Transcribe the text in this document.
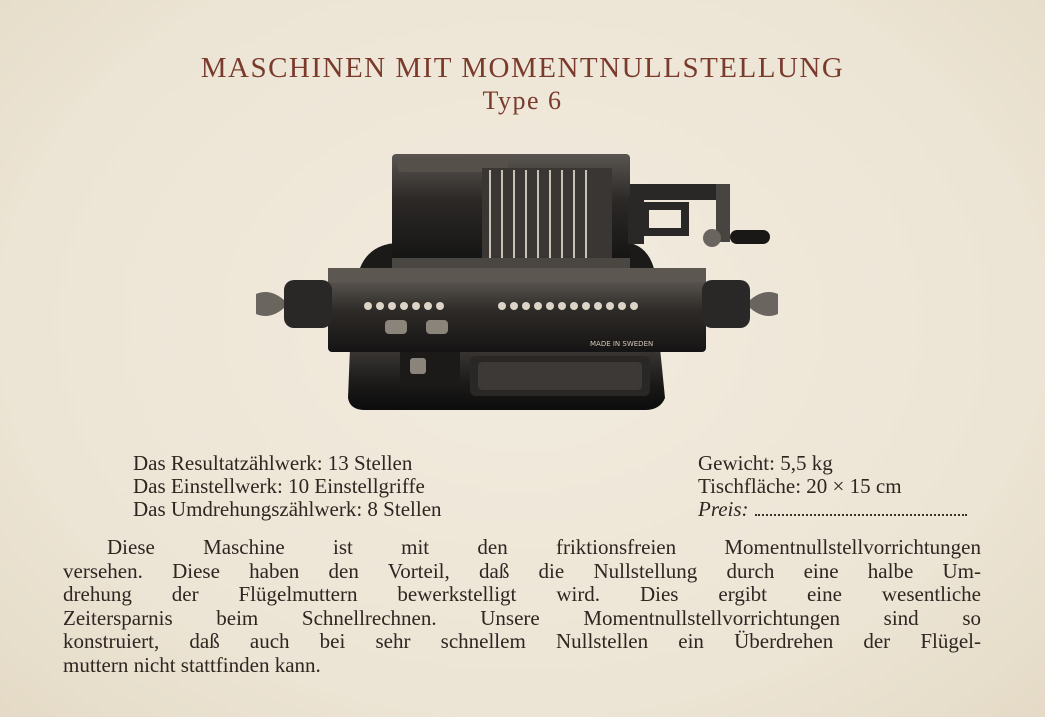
MASCHINEN MIT MOMENTNULLSTELLUNG
Type 6
MADE IN SWEDEN
Das Resultatzählwerk: 13 Stellen
Das Einstellwerk: 10 Einstellgriffe
Das Umdrehungszählwerk: 8 Stellen
Gewicht: 5,5 kg
Tischfläche: 20 × 15 cm
Preis:
Diese Maschine ist mit den friktionsfreien Momentnullstellvorrichtungen
versehen. Diese haben den Vorteil, daß die Nullstellung durch eine halbe Um-
drehung der Flügelmuttern bewerkstelligt wird. Dies ergibt eine wesentliche
Zeitersparnis beim Schnellrechnen. Unsere Momentnullstellvorrichtungen sind so
konstruiert, daß auch bei sehr schnellem Nullstellen ein Überdrehen der Flügel-
muttern nicht stattfinden kann.
